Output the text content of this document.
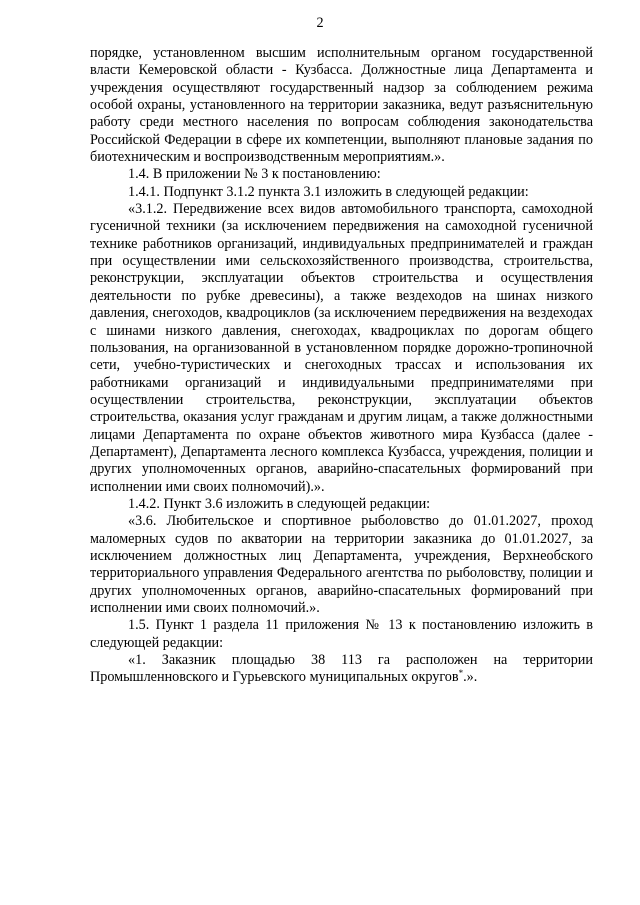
2

порядке, установленном высшим исполнительным органом государственной власти Кемеровской области - Кузбасса. Должностные лица Департамента и учреждения осуществляют государственный надзор за соблюдением режима особой охраны, установленного на территории заказника, ведут разъяснительную работу среди местного населения по вопросам соблюдения законодательства Российской Федерации в сфере их компетенции, выполняют плановые задания по биотехническим и воспроизводственным мероприятиям.».

1.4. В приложении № 3 к постановлению:

1.4.1. Подпункт 3.1.2 пункта 3.1 изложить в следующей редакции:

«3.1.2. Передвижение всех видов автомобильного транспорта, самоходной гусеничной техники (за исключением передвижения на самоходной гусеничной технике работников организаций, индивидуальных предпринимателей и граждан при осуществлении ими сельскохозяйственного производства, строительства, реконструкции, эксплуатации объектов строительства и осуществления деятельности по рубке древесины), а также вездеходов на шинах низкого давления, снегоходов, квадроциклов (за исключением передвижения на вездеходах с шинами низкого давления, снегоходах, квадроциклах по дорогам общего пользования, на организованной в установленном порядке дорожно-тропиночной сети, учебно-туристических и снегоходных трассах и использования их работниками организаций и индивидуальными предпринимателями при осуществлении строительства, реконструкции, эксплуатации объектов строительства, оказания услуг гражданам и другим лицам, а также должностными лицами Департамента по охране объектов животного мира Кузбасса (далее - Департамент), Департамента лесного комплекса Кузбасса, учреждения, полиции и других уполномоченных органов, аварийно-спасательных формирований при исполнении ими своих полномочий).».

1.4.2. Пункт 3.6 изложить в следующей редакции:

«3.6. Любительское и спортивное рыболовство до 01.01.2027, проход маломерных судов по акватории на территории заказника до 01.01.2027, за исключением должностных лиц Департамента, учреждения, Верхнеобского территориального управления Федерального агентства по рыболовству, полиции и других уполномоченных органов, аварийно-спасательных формирований при исполнении ими своих полномочий.».

1.5. Пункт 1 раздела 11 приложения № 13 к постановлению изложить в следующей редакции:

«1. Заказник площадью 38 113 га расположен на территории Промышленновского и Гурьевского муниципальных округов*.».
